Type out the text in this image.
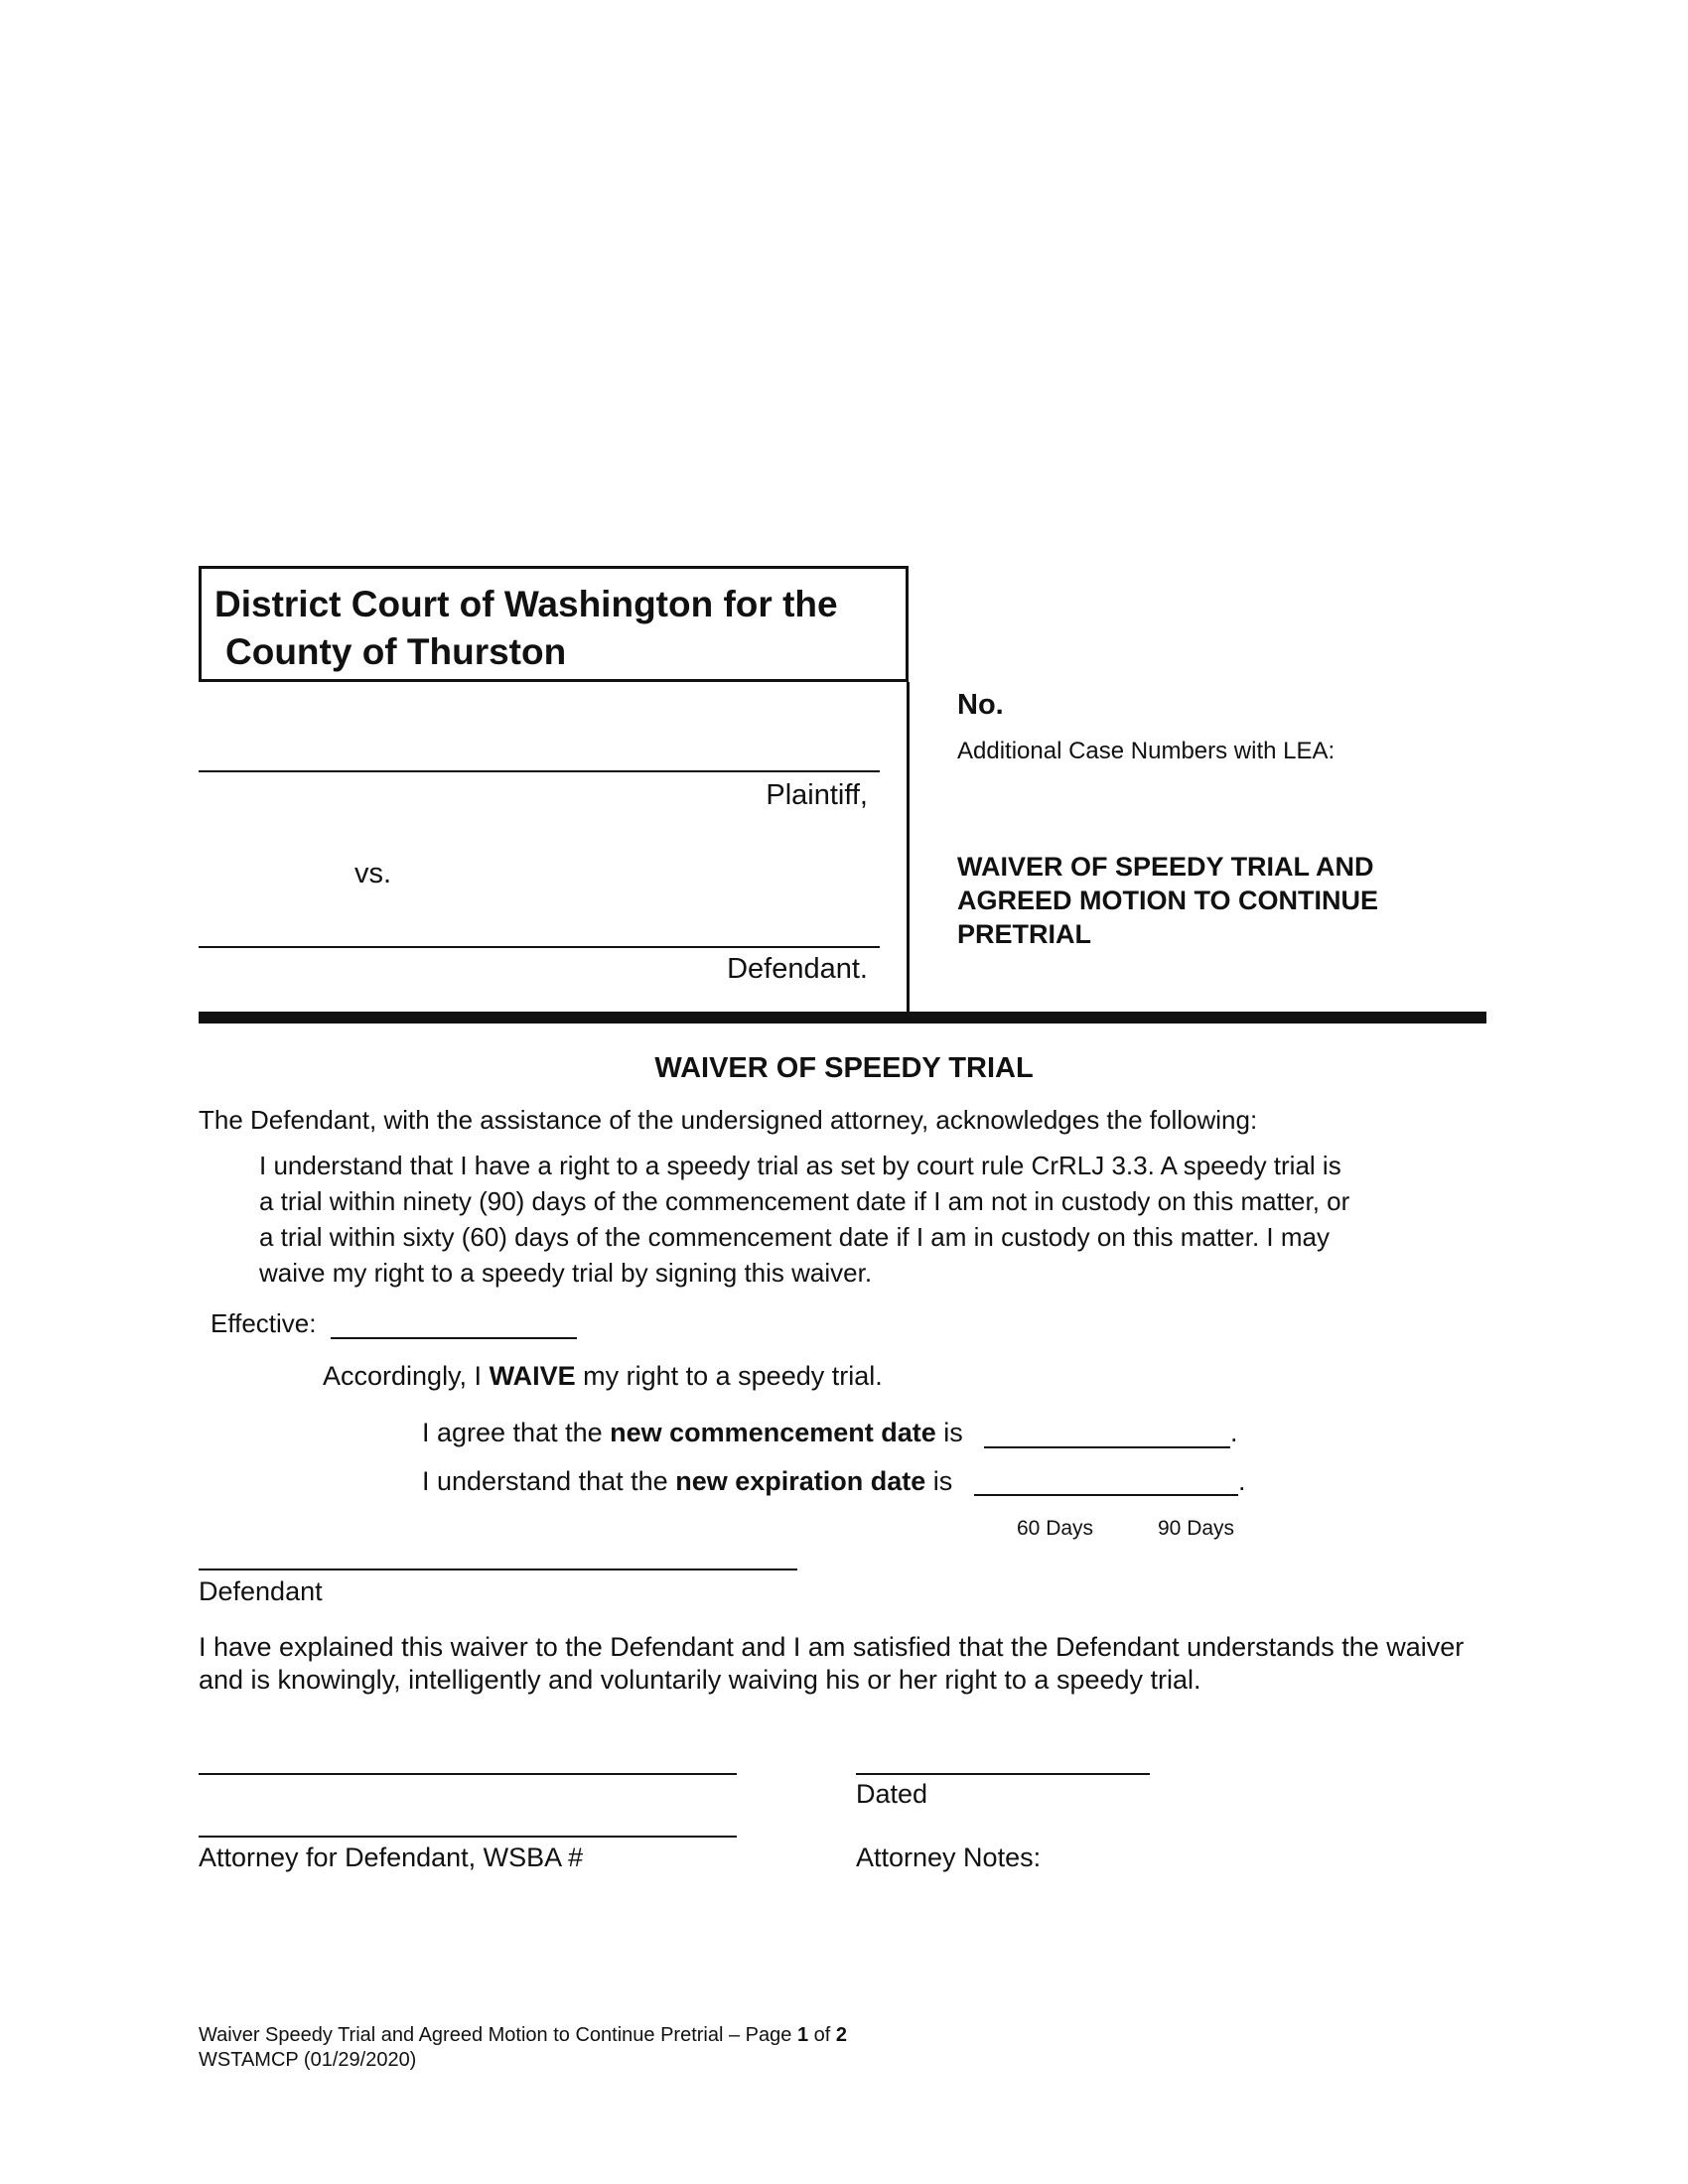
District Court of Washington for the
County of Thurston
Plaintiff,
vs.
Defendant.
No.
Additional Case Numbers with LEA:
WAIVER OF SPEEDY TRIAL AND
AGREED MOTION TO CONTINUE
PRETRIAL
WAIVER OF SPEEDY TRIAL
The Defendant, with the assistance of the undersigned attorney, acknowledges the following:
I understand that I have a right to a speedy trial as set by court rule CrRLJ 3.3. A speedy trial is
a trial within ninety (90) days of the commencement date if I am not in custody on this matter, or
a trial within sixty (60) days of the commencement date if I am in custody on this matter. I may
waive my right to a speedy trial by signing this waiver.
Effective:
Accordingly, I WAIVE my right to a speedy trial.
I agree that the new commencement date is	.
I understand that the new expiration date is	.
60 Days	90 Days
Defendant
I have explained this waiver to the Defendant and I am satisfied that the Defendant understands the waiver
and is knowingly, intelligently and voluntarily waiving his or her right to a speedy trial.
Dated
Attorney for Defendant, WSBA #	Attorney Notes:
Waiver Speedy Trial and Agreed Motion to Continue Pretrial – Page 1 of 2
WSTAMCP (01/29/2020)
